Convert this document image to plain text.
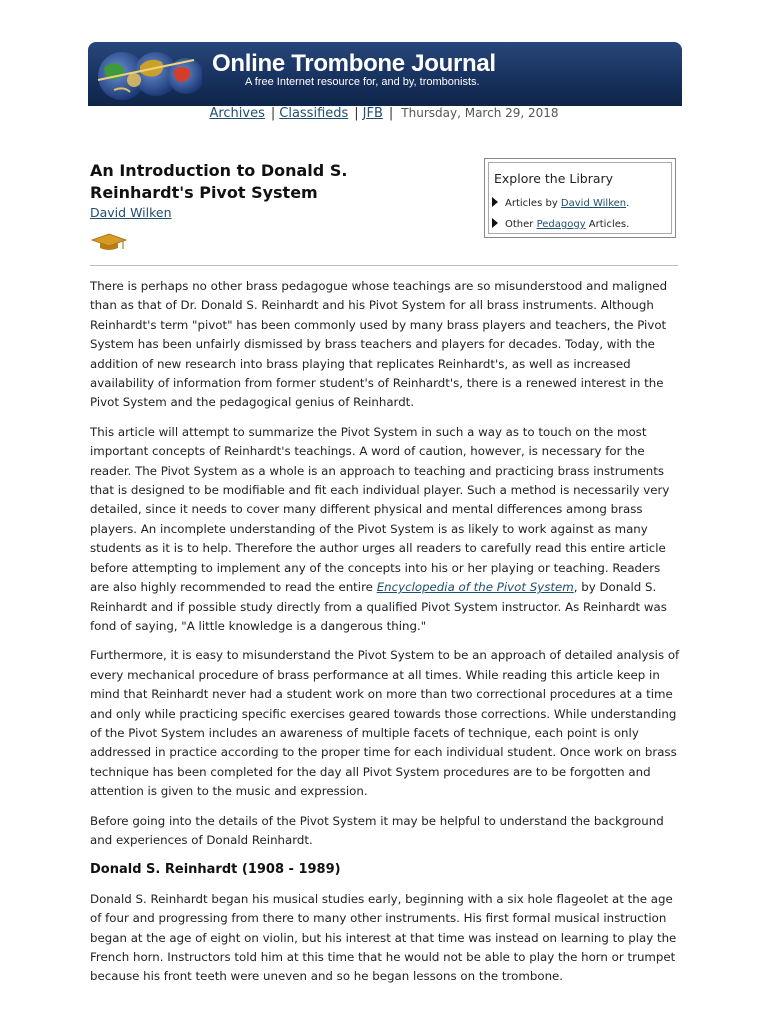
Online Trombone Journal
A free Internet resource for, and by, trombonists.
Archives | Classifieds | JFB | Thursday, March 29, 2018
An Introduction to Donald S. Reinhardt's Pivot System
David Wilken
Explore the Library
Articles by David Wilken.
Other Pedagogy Articles.

There is perhaps no other brass pedagogue whose teachings are so misunderstood and maligned than as that of Dr. Donald S. Reinhardt and his Pivot System for all brass instruments. Although Reinhardt's term "pivot" has been commonly used by many brass players and teachers, the Pivot System has been unfairly dismissed by brass teachers and players for decades. Today, with the addition of new research into brass playing that replicates Reinhardt's, as well as increased availability of information from former student's of Reinhardt's, there is a renewed interest in the Pivot System and the pedagogical genius of Reinhardt.

This article will attempt to summarize the Pivot System in such a way as to touch on the most important concepts of Reinhardt's teachings. A word of caution, however, is necessary for the reader. The Pivot System as a whole is an approach to teaching and practicing brass instruments that is designed to be modifiable and fit each individual player. Such a method is necessarily very detailed, since it needs to cover many different physical and mental differences among brass players. An incomplete understanding of the Pivot System is as likely to work against as many students as it is to help. Therefore the author urges all readers to carefully read this entire article before attempting to implement any of the concepts into his or her playing or teaching. Readers are also highly recommended to read the entire Encyclopedia of the Pivot System, by Donald S. Reinhardt and if possible study directly from a qualified Pivot System instructor. As Reinhardt was fond of saying, "A little knowledge is a dangerous thing."

Furthermore, it is easy to misunderstand the Pivot System to be an approach of detailed analysis of every mechanical procedure of brass performance at all times. While reading this article keep in mind that Reinhardt never had a student work on more than two correctional procedures at a time and only while practicing specific exercises geared towards those corrections. While understanding of the Pivot System includes an awareness of multiple facets of technique, each point is only addressed in practice according to the proper time for each individual student. Once work on brass technique has been completed for the day all Pivot System procedures are to be forgotten and attention is given to the music and expression.

Before going into the details of the Pivot System it may be helpful to understand the background and experiences of Donald Reinhardt.

Donald S. Reinhardt (1908 - 1989)

Donald S. Reinhardt began his musical studies early, beginning with a six hole flageolet at the age of four and progressing from there to many other instruments. His first formal musical instruction began at the age of eight on violin, but his interest at that time was instead on learning to play the French horn. Instructors told him at this time that he would not be able to play the horn or trumpet because his front teeth were uneven and so he began lessons on the trombone.
